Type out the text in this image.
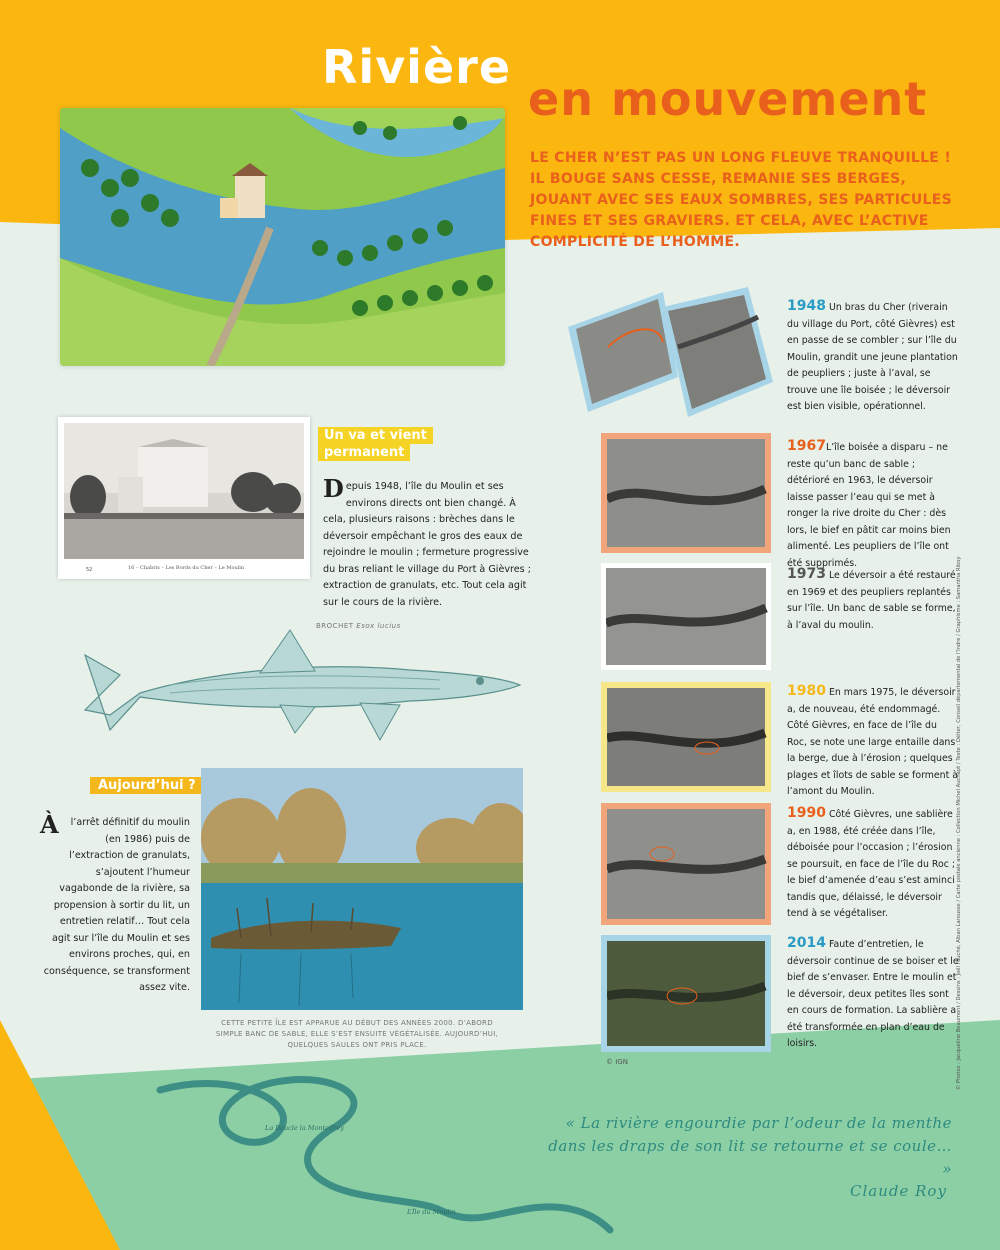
Rivière
en mouvement

LE CHER N’EST PAS UN LONG FLEUVE TRANQUILLE ! IL BOUGE SANS CESSE, REMANIE SES BERGES, JOUANT AVEC SES EAUX SOMBRES, SES PARTICULES FINES ET SES GRAVIERS. ET CELA, AVEC L’ACTIVE COMPLICITÉ DE L’HOMME.

16 – Chabris – Les Bords du Cher – Le Moulin
52
Un va et vient
permanent

Depuis 1948, l’île du Moulin et ses environs directs ont bien changé. À cela, plusieurs raisons : brèches dans le déversoir empêchant le gros des eaux de rejoindre le moulin ; fermeture progressive du bras reliant le village du Port à Gièvres ; extraction de granulats, etc. Tout cela agit sur le cours de la rivière.

BROCHET Esox lucius
Aujourd’hui ?

À l’arrêt définitif du moulin (en 1986) puis de l’extraction de granulats, s’ajoutent l’humeur vagabonde de la rivière, sa propension à sortir du lit, un entretien relatif… Tout cela agit sur l’île du Moulin et ses environs proches, qui, en conséquence, se transforment assez vite.

CETTE PETITE ÎLE EST APPARUE AU DÉBUT DES ANNÉES 2000. D’ABORD SIMPLE BANC DE SABLE, ELLE S’EST ENSUITE VÉGÉTALISÉE. AUJOURD’HUI, QUELQUES SAULES ONT PRIS PLACE.

1948 Un bras du Cher (riverain du village du Port, côté Gièvres) est en passe de se combler ; sur l’île du Moulin, grandit une jeune plantation de peupliers ; juste à l’aval, se trouve une île boisée ; le déversoir est bien visible, opérationnel.

1967L’île boisée a disparu – ne reste qu’un banc de sable ; détérioré en 1963, le déversoir laisse passer l’eau qui se met à ronger la rive droite du Cher : dès lors, le bief en pâtit car moins bien alimenté. Les peupliers de l’île ont été supprimés.

1973 Le déversoir a été restauré en 1969 et des peupliers replantés sur l’île. Un banc de sable se forme, à l’aval du moulin.

1980 En mars 1975, le déversoir a, de nouveau, été endommagé. Côté Gièvres, en face de l’île du Roc, se note une large entaille dans la berge, due à l’érosion ; quelques plages et îlots de sable se forment à l’amont du Moulin.

1990 Côté Gièvres, une sablière a, en 1988, été créée dans l’île, déboisée pour l’occasion ; l’érosion se poursuit, en face de l’île du Roc ; le bief d’amenée d’eau s’est aminci tandis que, délaissé, le déversoir tend à se végétaliser.

2014 Faute d’entretien, le déversoir continue de se boiser et le bief de s’envaser. Entre le moulin et le déversoir, deux petites îles sont en cours de formation. La sablière a été transformée en plan d’eau de loisirs.

© IGN	© Photos : Jacqueline Beaumont / Dessins : Joël Fauché, Alban Larousse / Carte postale ancienne : Collection Michel Auchapt / Texte : Délter, Conseil départemental de l’Indre / Graphisme : Samantha Riboy
La Boucle la Montcifrey
L’Île du Moulin

« La rivière engourdie par l’odeur de la menthe dans les draps de son lit se retourne et se coule… »

Claude Roy
